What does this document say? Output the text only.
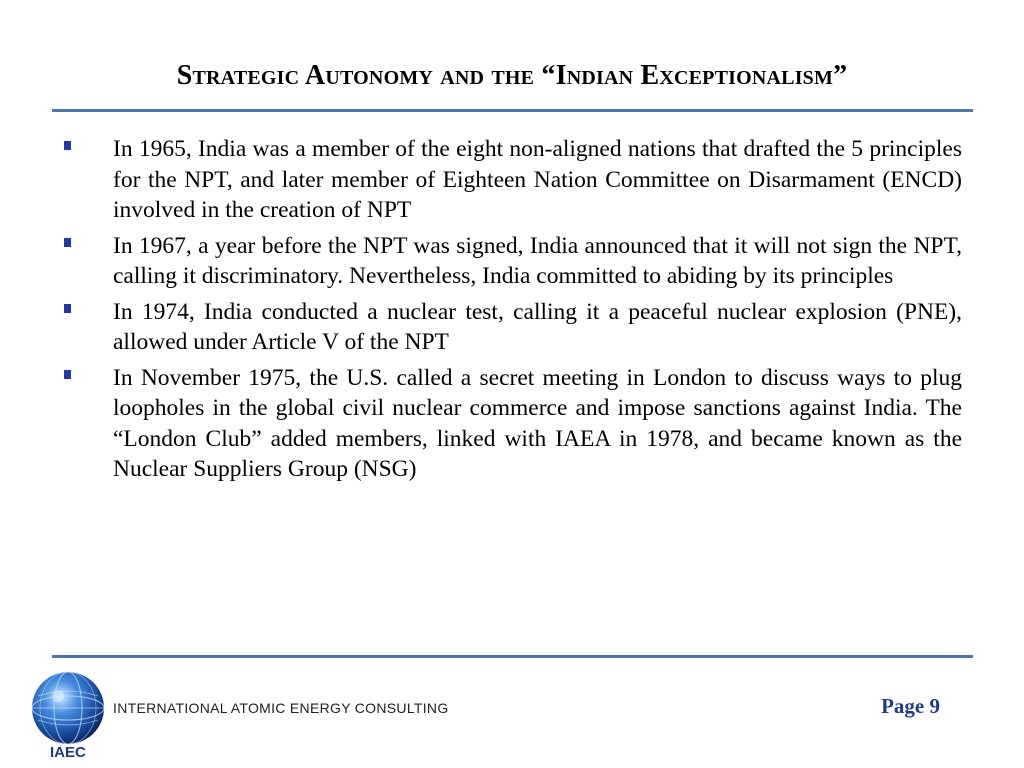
Strategic Autonomy and the “Indian Exceptionalism”
In 1965, India was a member of the eight non-aligned nations that drafted the 5 principles for the NPT, and later member of Eighteen Nation Committee on Disarmament (ENCD) involved in the creation of NPT
In 1967, a year before the NPT was signed, India announced that it will not sign the NPT, calling it discriminatory. Nevertheless, India committed to abiding by its principles
In 1974, India conducted a nuclear test, calling it a peaceful nuclear explosion (PNE), allowed under Article V of the NPT
In November 1975, the U.S. called a secret meeting in London to discuss ways to plug loopholes in the global civil nuclear commerce and impose sanctions against India. The “London Club” added members, linked with IAEA in 1978, and became known as the Nuclear Suppliers Group (NSG)
IAEC
INTERNATIONAL ATOMIC ENERGY CONSULTING	Page 9
